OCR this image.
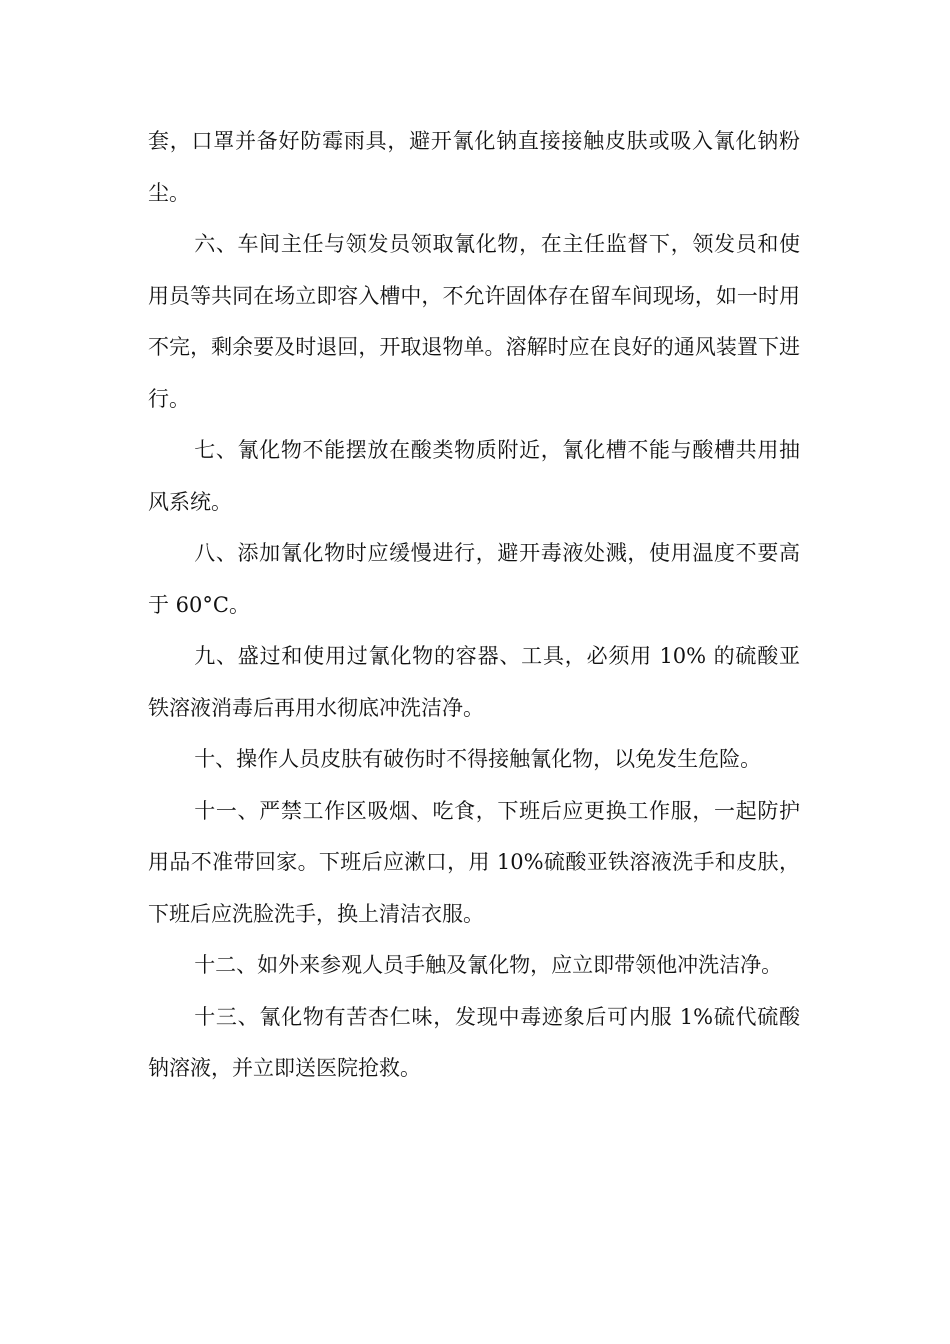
套，口罩并备好防霉雨具，避开氰化钠直接接触皮肤或吸入氰化钠粉尘。

六、车间主任与领发员领取氰化物，在主任监督下，领发员和使用员等共同在场立即容入槽中，不允许固体存在留车间现场，如一时用不完，剩余要及时退回，开取退物单。溶解时应在良好的通风装置下进行。

七、氰化物不能摆放在酸类物质附近，氰化槽不能与酸槽共用抽风系统。

八、添加氰化物时应缓慢进行，避开毒液处溅，使用温度不要高于 60°C。

九、盛过和使用过氰化物的容器、工具，必须用 10% 的硫酸亚铁溶液消毒后再用水彻底冲洗洁净。

十、操作人员皮肤有破伤时不得接触氰化物，以免发生危险。

十一、严禁工作区吸烟、吃食，下班后应更换工作服，一起防护用品不准带回家。下班后应漱口，用 10%硫酸亚铁溶液洗手和皮肤，下班后应洗脸洗手，换上清洁衣服。

十二、如外来参观人员手触及氰化物，应立即带领他冲洗洁净。

十三、氰化物有苦杏仁味，发现中毒迹象后可内服 1%硫代硫酸钠溶液，并立即送医院抢救。
